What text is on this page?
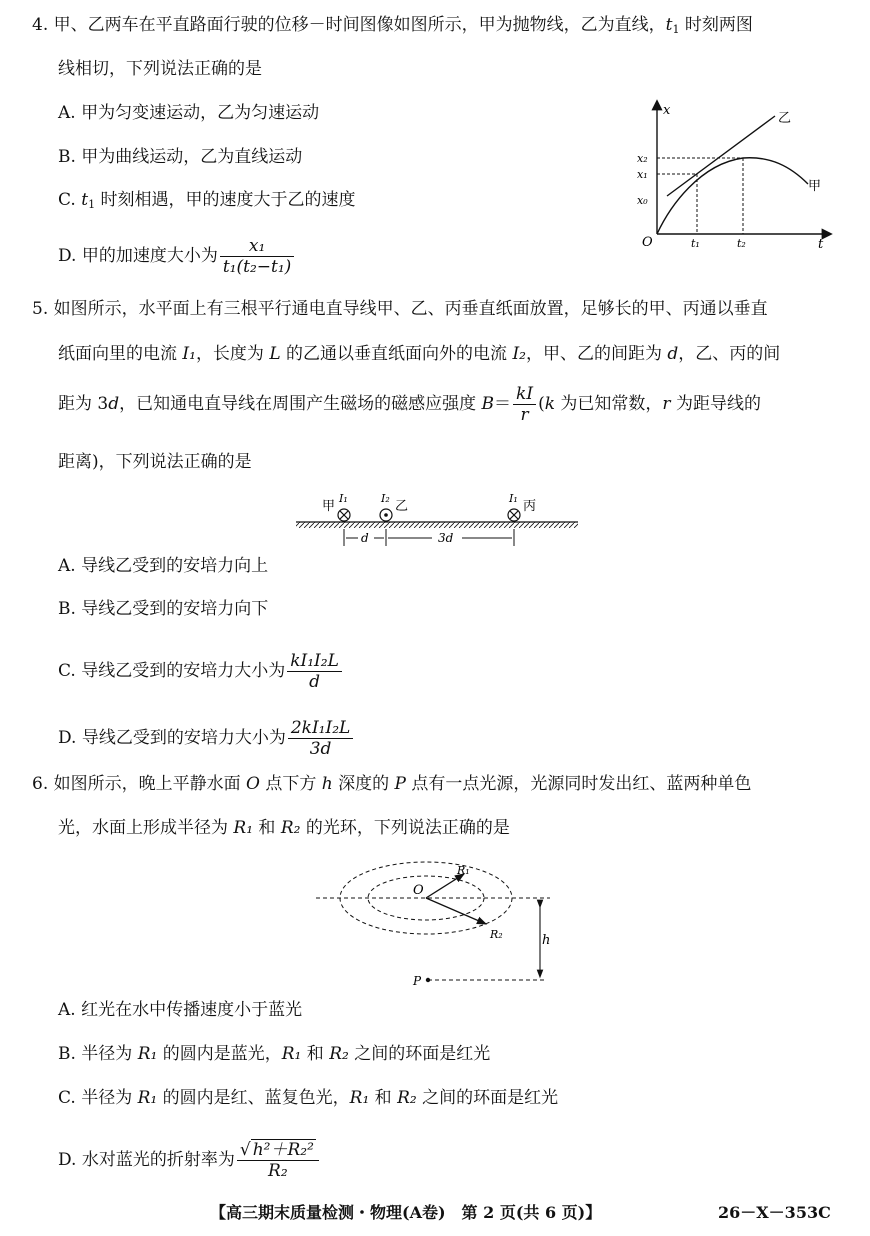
4. 甲、乙两车在平直路面行驶的位移－时间图像如图所示，甲为抛物线，乙为直线，$t_1$ 时刻两图
线相切，下列说法正确的是
A. 甲为匀变速运动，乙为匀速运动
B. 甲为曲线运动，乙为直线运动
C. $t_1$ 时刻相遇，甲的速度大于乙的速度
D. 甲的加速度大小为 $\frac{\text{x₁}}{\text{t₁(t₂−t₁)}}$
x
t
O
乙
甲
x₂
x₁
x₀
t₁	t₂
5. 如图所示，水平面上有三根平行通电直导线甲、乙、丙垂直纸面放置，足够长的甲、丙通以垂直
纸面向里的电流 I₁，长度为 L 的乙通以垂直纸面向外的电流 I₂，甲、乙的间距为 d，乙、丙的间
距为 3d，已知通电直导线在周围产生磁场的磁感应强度 $B= \frac{kI}{r} (k$ 为已知常数，r 为距导线的
距离)，下列说法正确的是
甲
I₁	I₂
乙
I₁
丙
d	3d
A. 导线乙受到的安培力向上
B. 导线乙受到的安培力向下
C. 导线乙受到的安培力大小为 $\frac{\text{kI₁I₂L}}{d}$
D. 导线乙受到的安培力大小为 $\frac{\text{2kI₁I₂L}}{3d}$
6. 如图所示，晚上平静水面 O 点下方 h 深度的 P 点有一点光源，光源同时发出红、蓝两种单色
光，水面上形成半径为 R₁ 和 R₂ 的光环，下列说法正确的是
O
R₁
R₂	h
P
A. 红光在水中传播速度小于蓝光
B. 半径为 R₁ 的圆内是蓝光，R₁ 和 R₂ 之间的环面是红光
C. 半径为 R₁ 的圆内是红、蓝复色光，R₁ 和 R₂ 之间的环面是红光
D. 水对蓝光的折射率为 $\frac{\text{√ h²＋R₂²}}{\text{R₂}}$
【高三期末质量检测・物理(A卷)　第 2 页(共 6 页)】	26－X－353C
